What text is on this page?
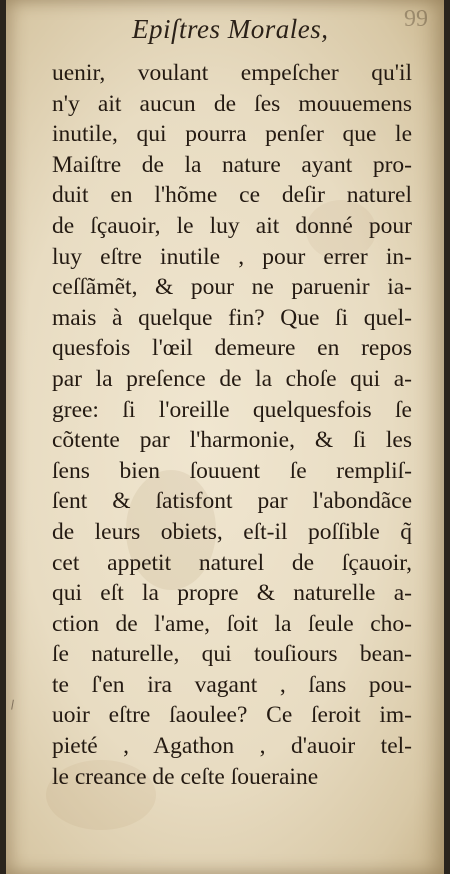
Epiſtres Morales,	99
uenir, voulant empeſcher qu'il
n'y ait aucun de ſes mouuemens
inutile, qui pourra penſer que le
Maiſtre de la nature ayant pro-
duit en l'hõme ce deſir naturel
de ſçauoir, le luy ait donné pour
luy eſtre inutile , pour errer in-
ceſſãmẽt, & pour ne paruenir ia-
mais à quelque fin? Que ſi quel-
quesfois l'œil demeure en repos
par la preſence de la choſe qui a-
gree: ſi l'oreille quelquesfois ſe
cõtente par l'harmonie, & ſi les
ſens bien ſouuent ſe rempliſ-
ſent & ſatisfont par l'abondãce
de leurs obiets, eſt-il poſſible q̃
cet appetit naturel de ſçauoir,
qui eſt la propre & naturelle a-
ction de l'ame, ſoit la ſeule cho-
ſe naturelle, qui touſiours bean-
te ſ'en ira vagant , ſans pou-
uoir eſtre ſaoulee? Ce ſeroit im-
pieté , Agathon , d'auoir tel-
le creance de ceſte ſoueraine
